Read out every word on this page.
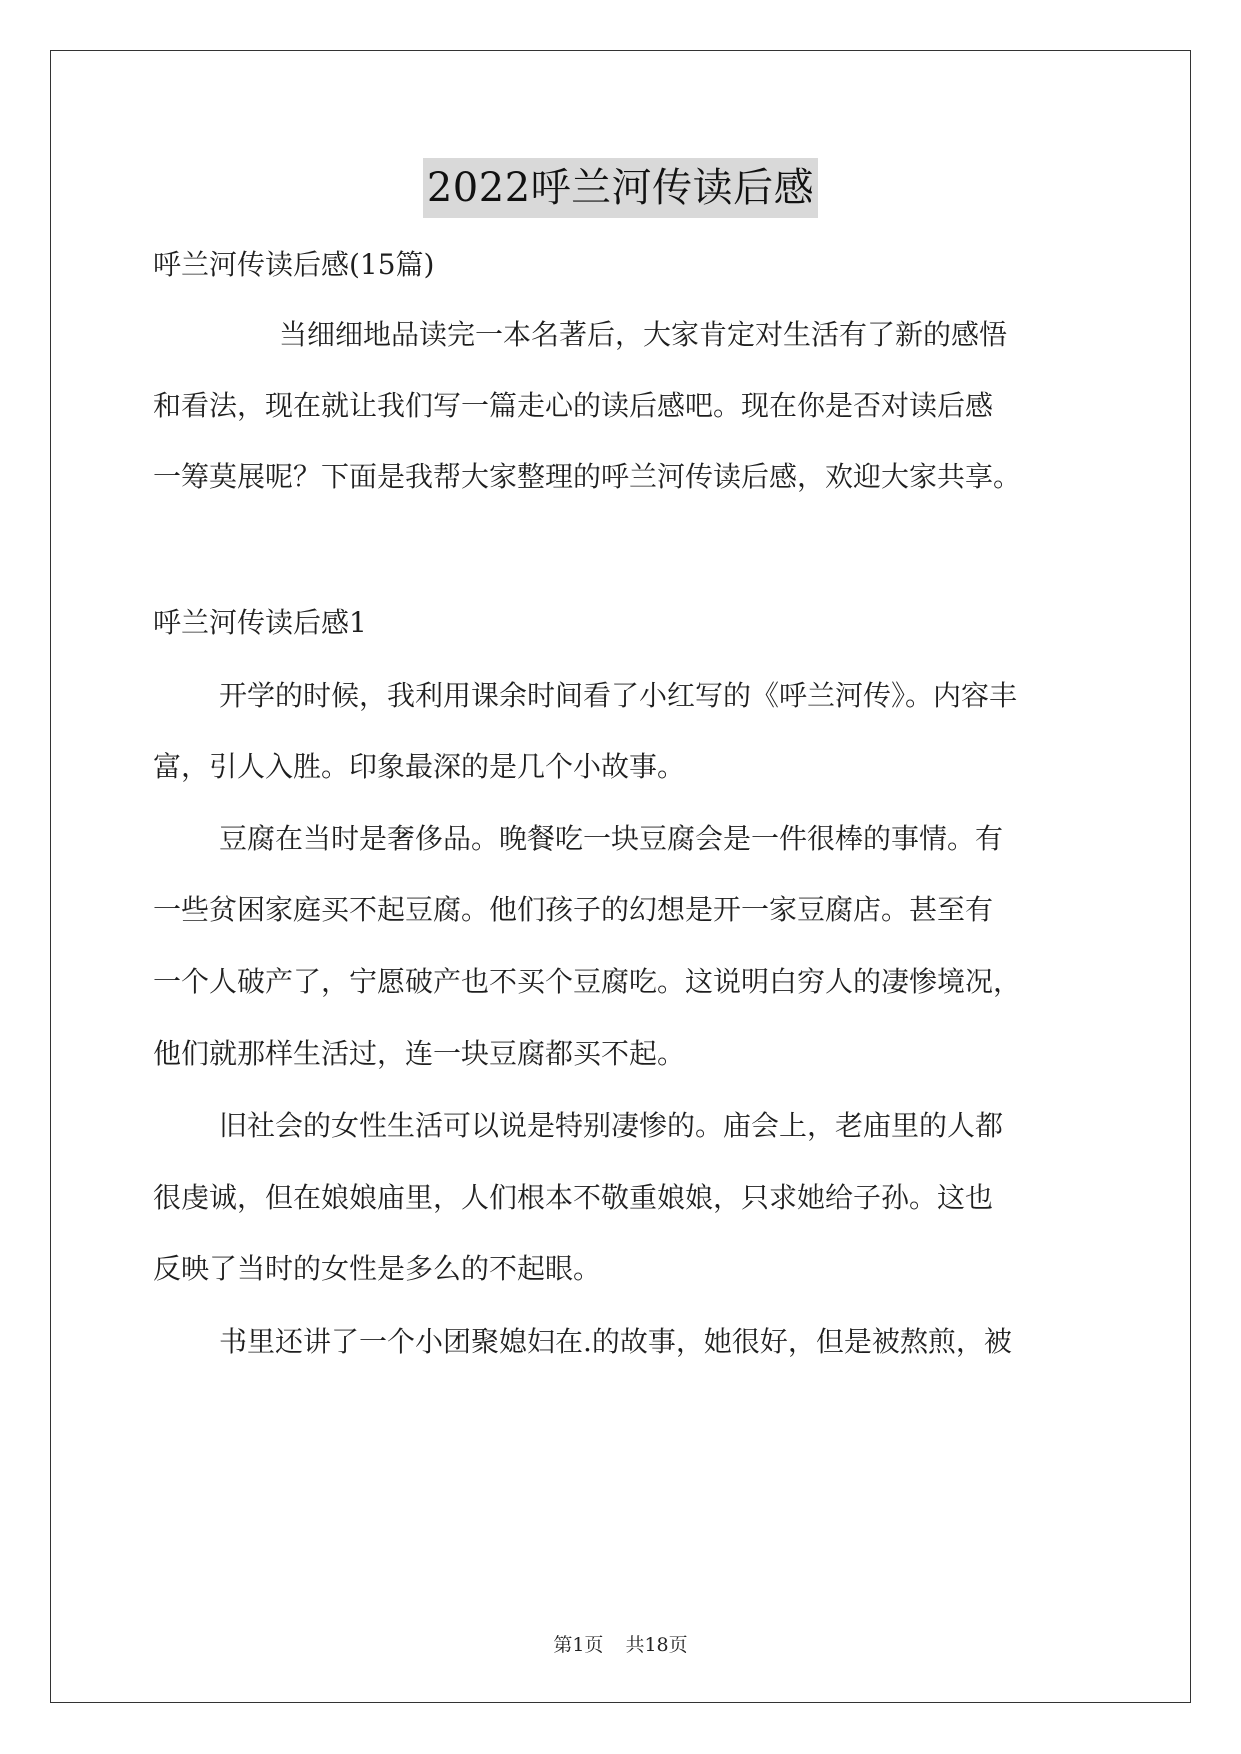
2022呼兰河传读后感
呼兰河传读后感(15篇)
当细细地品读完一本名著后，大家肯定对生活有了新的感悟
和看法，现在就让我们写一篇走心的读后感吧。现在你是否对读后感
一筹莫展呢？下面是我帮大家整理的呼兰河传读后感，欢迎大家共享。
呼兰河传读后感1
开学的时候，我利用课余时间看了小红写的《呼兰河传》。内容丰
富，引人入胜。印象最深的是几个小故事。
豆腐在当时是奢侈品。晚餐吃一块豆腐会是一件很棒的事情。有
一些贫困家庭买不起豆腐。他们孩子的幻想是开一家豆腐店。甚至有
一个人破产了，宁愿破产也不买个豆腐吃。这说明白穷人的凄惨境况，
他们就那样生活过，连一块豆腐都买不起。
旧社会的女性生活可以说是特别凄惨的。庙会上，老庙里的人都
很虔诚，但在娘娘庙里，人们根本不敬重娘娘，只求她给子孙。这也
反映了当时的女性是多么的不起眼。
书里还讲了一个小团聚媳妇在.的故事，她很好，但是被熬煎，被
第1页 共18页
